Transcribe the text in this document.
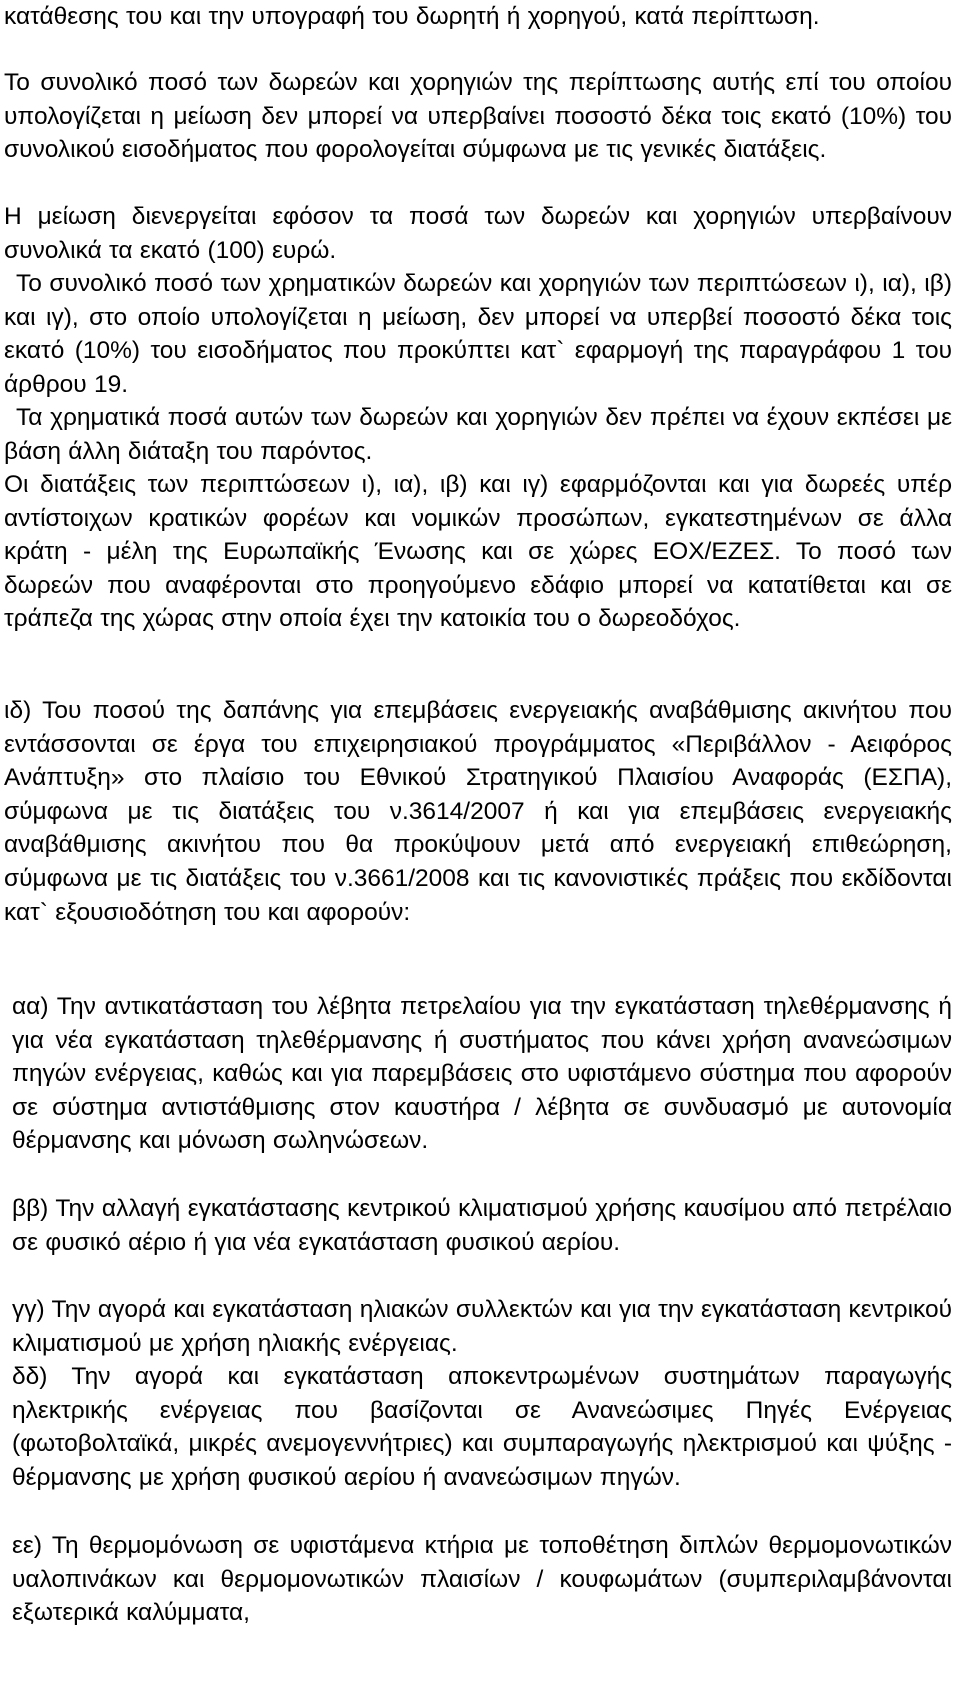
κατάθεσης του και την υπογραφή του δωρητή ή χορηγού, κατά περίπτωση.

Το συνολικό ποσό των δωρεών και χορηγιών της περίπτωσης αυτής επί του οποίου υπολογίζεται η μείωση δεν μπορεί να υπερβαίνει ποσοστό δέκα τοις εκατό (10%) του συνολικού εισοδήματος που φορολογείται σύμφωνα με τις γενικές διατάξεις.

Η μείωση διενεργείται εφόσον τα ποσά των δωρεών και χορηγιών υπερβαίνουν συνολικά τα εκατό (100) ευρώ.

Το συνολικό ποσό των χρηματικών δωρεών και χορηγιών των περιπτώσεων ι), ια), ιβ) και ιγ), στο οποίο υπολογίζεται η μείωση, δεν μπορεί να υπερβεί ποσοστό δέκα τοις εκατό (10%) του εισοδήματος που προκύπτει κατ` εφαρμογή της παραγράφου 1 του άρθρου 19.

Τα χρηματικά ποσά αυτών των δωρεών και χορηγιών δεν πρέπει να έχουν εκπέσει με βάση άλλη διάταξη του παρόντος.

Οι διατάξεις των περιπτώσεων ι), ια), ιβ) και ιγ) εφαρμόζονται και για δωρεές υπέρ αντίστοιχων κρατικών φορέων και νομικών προσώπων, εγκατεστημένων σε άλλα κράτη - μέλη της Ευρωπαϊκής Ένωσης και σε χώρες ΕΟΧ/ΕΖΕΣ. Το ποσό των δωρεών που αναφέρονται στο προηγούμενο εδάφιο μπορεί να κατατίθεται και σε τράπεζα της χώρας στην οποία έχει την κατοικία του ο δωρεοδόχος.

ιδ) Του ποσού της δαπάνης για επεμβάσεις ενεργειακής αναβάθμισης ακινήτου που εντάσσονται σε έργα του επιχειρησιακού προγράμματος «Περιβάλλον - Αειφόρος Ανάπτυξη» στο πλαίσιο του Εθνικού Στρατηγικού Πλαισίου Αναφοράς (ΕΣΠΑ), σύμφωνα με τις διατάξεις του ν.3614/2007 ή και για επεμβάσεις ενεργειακής αναβάθμισης ακινήτου που θα προκύψουν μετά από ενεργειακή επιθεώρηση, σύμφωνα με τις διατάξεις του ν.3661/2008 και τις κανονιστικές πράξεις που εκδίδονται κατ` εξουσιοδότηση του και αφορούν:

αα) Την αντικατάσταση του λέβητα πετρελαίου για την εγκατάσταση τηλεθέρμανσης ή για νέα εγκατάσταση τηλεθέρμανσης ή συστήματος που κάνει χρήση ανανεώσιμων πηγών ενέργειας, καθώς και για παρεμβάσεις στο υφιστάμενο σύστημα που αφορούν σε σύστημα αντιστάθμισης στον καυστήρα / λέβητα σε συνδυασμό με αυτονομία θέρμανσης και μόνωση σωληνώσεων.

ββ) Την αλλαγή εγκατάστασης κεντρικού κλιματισμού χρήσης καυσίμου από πετρέλαιο σε φυσικό αέριο ή για νέα εγκατάσταση φυσικού αερίου.

γγ) Την αγορά και εγκατάσταση ηλιακών συλλεκτών και για την εγκατάσταση κεντρικού κλιματισμού με χρήση ηλιακής ενέργειας.

δδ) Την αγορά και εγκατάσταση αποκεντρωμένων συστημάτων παραγωγής ηλεκτρικής ενέργειας που βασίζονται σε Ανανεώσιμες Πηγές Ενέργειας (φωτοβολταϊκά, μικρές ανεμογεννήτριες) και συμπαραγωγής ηλεκτρισμού και ψύξης - θέρμανσης με χρήση φυσικού αερίου ή ανανεώσιμων πηγών.

εε) Τη θερμομόνωση σε υφιστάμενα κτήρια με τοποθέτηση διπλών θερμομονωτικών υαλοπινάκων και θερμομονωτικών πλαισίων / κουφωμάτων (συμπεριλαμβάνονται εξωτερικά καλύμματα,
